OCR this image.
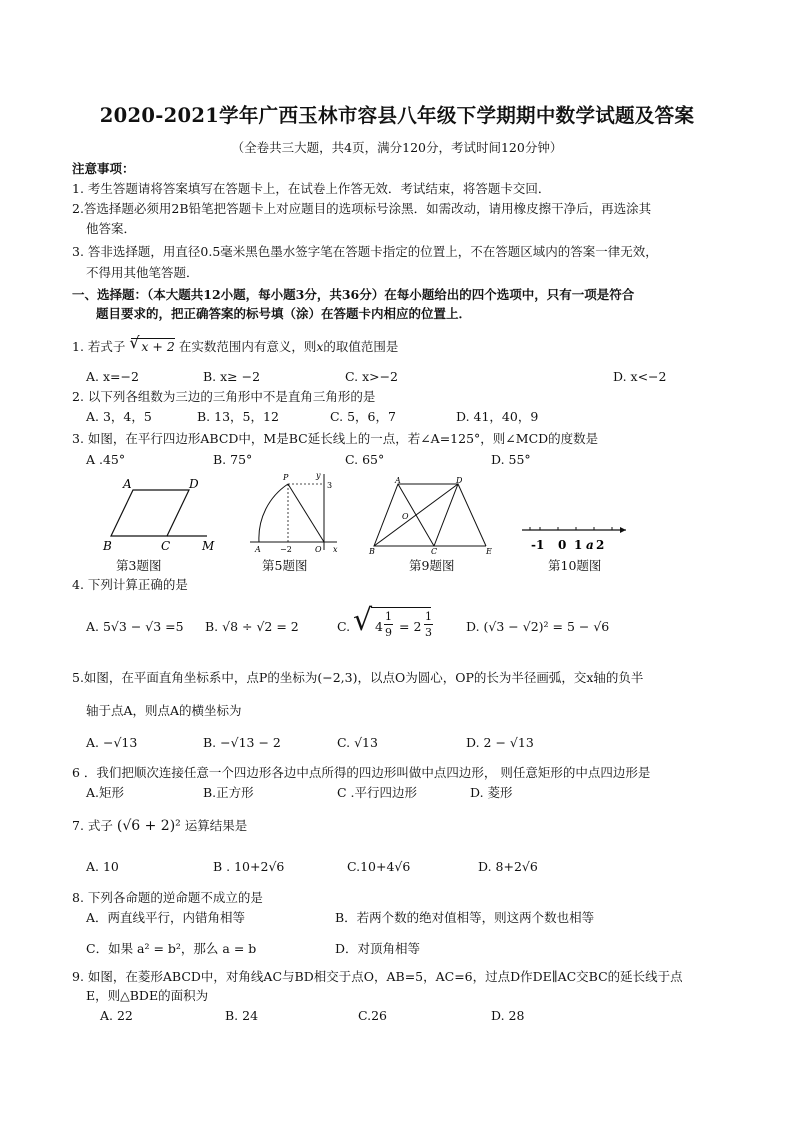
2020-2021学年广西玉林市容县八年级下学期期中数学试题及答案
（全卷共三大题，共4页，满分120分，考试时间120分钟）
注意事项：
1. 考生答题请将答案填写在答题卡上，在试卷上作答无效．考试结束，将答题卡交回．
2.答选择题必须用2B铅笔把答题卡上对应题目的选项标号涂黑．如需改动，请用橡皮擦干净后，再选涂其
他答案．
3. 答非选择题，用直径0.5毫米黑色墨水签字笔在答题卡指定的位置上，不在答题区域内的答案一律无效，
不得用其他笔答题．
一、选择题：（本大题共12小题，每小题3分，共36分）在每小题给出的四个选项中，只有一项是符合
题目要求的，把正确答案的标号填（涂）在答题卡内相应的位置上．
1. 若式子 √ x + 2 在实数范围内有意义，则x的取值范围是
A. x=−2	B. x≥ −2	C. x>−2	D. x<−2
2. 以下列各组数为三边的三角形中不是直角三角形的是
A. 3，4，5	B. 13，5，12	C. 5，6，7	D. 41，40，9
3. 如图，在平行四边形ABCD中，M是BC延长线上的一点，若∠A=125°，则∠MCD的度数是
A .45°	B. 75°	C. 65°	D. 55°
A	D
B	C	M
第3题图
P	y
3
A −2	O x
第5题图
A	D
O
B	C	E
第9题图
-1 0 1 a 2
第10题图
4. 下列计算正确的是
A. 5√3 − √3 =5 B. √8 ÷ √2 = 2	C. √ 4
1
9 = 2
1
3	D. (√3 − √2)² = 5 − √6
5.如图，在平面直角坐标系中，点P的坐标为(−2,3)，以点O为圆心，OP的长为半径画弧，交x轴的负半
轴于点A，则点A的横坐标为
A. −√13	B. −√13 − 2	C. √13	D. 2 − √13
6 ．我们把顺次连接任意一个四边形各边中点所得的四边形叫做中点四边形， 则任意矩形的中点四边形是
A.矩形	B.正方形	C .平行四边形	D. 菱形
7. 式子 (√6 + 2)² 运算结果是
A. 10	B . 10+2√6	C.10+4√6	D. 8+2√6
8. 下列各命题的逆命题不成立的是
A．两直线平行，内错角相等	B．若两个数的绝对值相等，则这两个数也相等
C．如果 a² = b²，那么 a = b	D．对顶角相等
9. 如图，在菱形ABCD中，对角线AC与BD相交于点O，AB=5，AC=6，过点D作DE∥AC交BC的延长线于点
E，则△BDE的面积为
A. 22	B. 24	C.26	D. 28
